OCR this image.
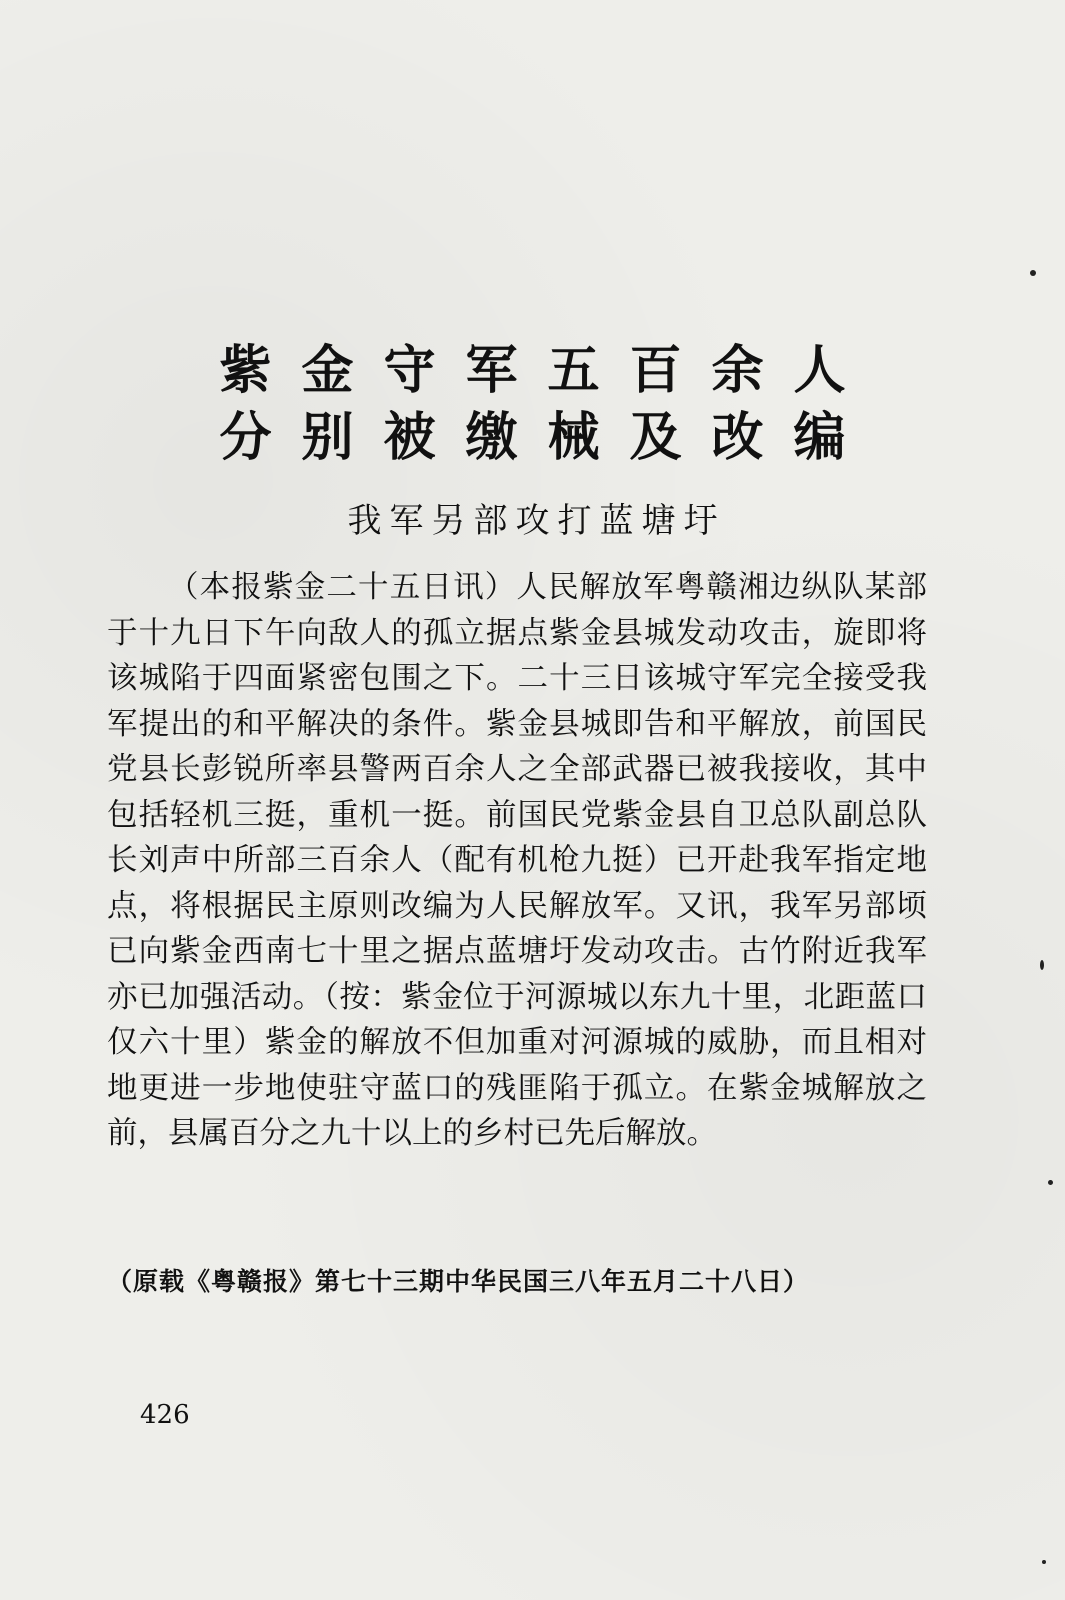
紫金守军五百余人
分别被缴械及改编
我军另部攻打蓝塘圩

（本报紫金二十五日讯）人民解放军粤赣湘边纵队某部于十九日下午向敌人的孤立据点紫金县城发动攻击，旋即将该城陷于四面紧密包围之下。二十三日该城守军完全接受我军提出的和平解决的条件。紫金县城即告和平解放，前国民党县长彭锐所率县警两百余人之全部武器已被我接收，其中包括轻机三挺，重机一挺。前国民党紫金县自卫总队副总队长刘声中所部三百余人（配有机枪九挺）已开赴我军指定地点，将根据民主原则改编为人民解放军。又讯，我军另部顷已向紫金西南七十里之据点蓝塘圩发动攻击。古竹附近我军亦已加强活动。（按：紫金位于河源城以东九十里，北距蓝口仅六十里）紫金的解放不但加重对河源城的威胁，而且相对地更进一步地使驻守蓝口的残匪陷于孤立。在紫金城解放之前，县属百分之九十以上的乡村已先后解放。

（原载《粤赣报》第七十三期中华民国三八年五月二十八日）
426
